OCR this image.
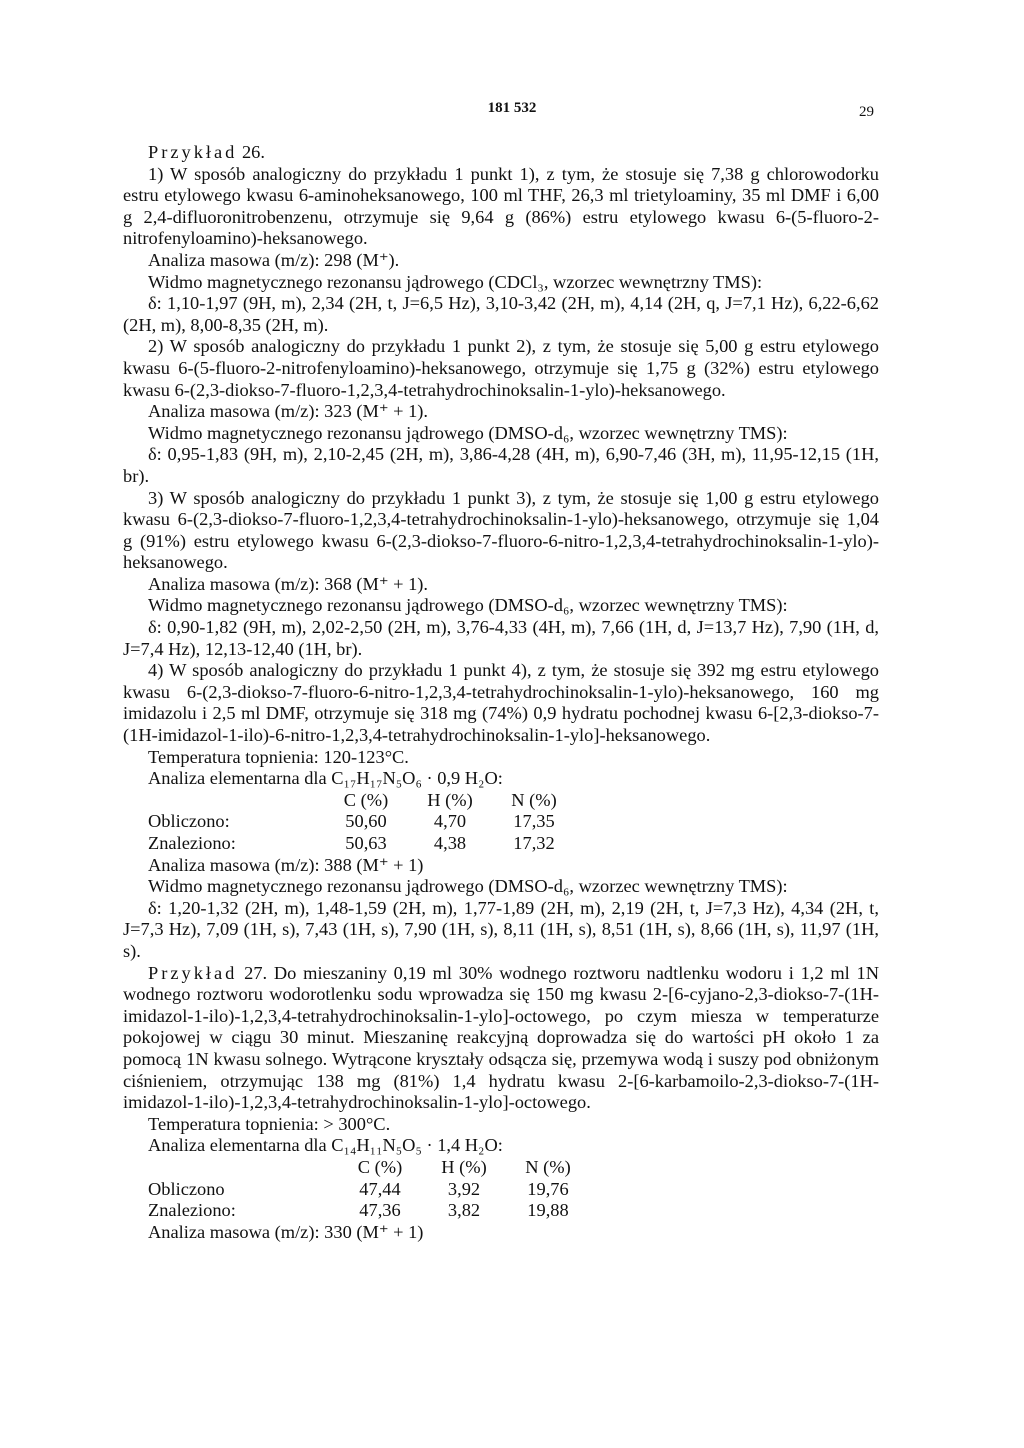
181 532	29

Przykład 26.

1) W sposób analogiczny do przykładu 1 punkt 1), z tym, że stosuje się 7,38 g chlorowodorku estru etylowego kwasu 6-aminoheksanowego, 100 ml THF, 26,3 ml trietyloaminy, 35 ml DMF i 6,00 g 2,4-difluoronitrobenzenu, otrzymuje się 9,64 g (86%) estru etylowego kwasu 6-(5-fluoro-2-nitrofenyloamino)-heksanowego.

Analiza masowa (m/z): 298 (M⁺).

Widmo magnetycznego rezonansu jądrowego (CDCl₃, wzorzec wewnętrzny TMS):

δ: 1,10-1,97 (9H, m), 2,34 (2H, t, J=6,5 Hz), 3,10-3,42 (2H, m), 4,14 (2H, q, J=7,1 Hz), 6,22-6,62 (2H, m), 8,00-8,35 (2H, m).

2) W sposób analogiczny do przykładu 1 punkt 2), z tym, że stosuje się 5,00 g estru etylowego kwasu 6-(5-fluoro-2-nitrofenyloamino)-heksanowego, otrzymuje się 1,75 g (32%) estru etylowego kwasu 6-(2,3-diokso-7-fluoro-1,2,3,4-tetrahydrochinoksalin-1-ylo)-heksanowego.

Analiza masowa (m/z): 323 (M⁺ + 1).

Widmo magnetycznego rezonansu jądrowego (DMSO-d₆, wzorzec wewnętrzny TMS):

δ: 0,95-1,83 (9H, m), 2,10-2,45 (2H, m), 3,86-4,28 (4H, m), 6,90-7,46 (3H, m), 11,95-12,15 (1H, br).

3) W sposób analogiczny do przykładu 1 punkt 3), z tym, że stosuje się 1,00 g estru etylowego kwasu 6-(2,3-diokso-7-fluoro-1,2,3,4-tetrahydrochinoksalin-1-ylo)-heksanowego, otrzymuje się 1,04 g (91%) estru etylowego kwasu 6-(2,3-diokso-7-fluoro-6-nitro-1,2,3,4-tetrahydrochinoksalin-1-ylo)-heksanowego.

Analiza masowa (m/z): 368 (M⁺ + 1).

Widmo magnetycznego rezonansu jądrowego (DMSO-d₆, wzorzec wewnętrzny TMS):

δ: 0,90-1,82 (9H, m), 2,02-2,50 (2H, m), 3,76-4,33 (4H, m), 7,66 (1H, d, J=13,7 Hz), 7,90 (1H, d, J=7,4 Hz), 12,13-12,40 (1H, br).

4) W sposób analogiczny do przykładu 1 punkt 4), z tym, że stosuje się 392 mg estru etylowego kwasu 6-(2,3-diokso-7-fluoro-6-nitro-1,2,3,4-tetrahydrochinoksalin-1-ylo)-heksanowego, 160 mg imidazolu i 2,5 ml DMF, otrzymuje się 318 mg (74%) 0,9 hydratu pochodnej kwasu 6-[2,3-diokso-7-(1H-imidazol-1-ilo)-6-nitro-1,2,3,4-tetrahydrochinoksalin-1-ylo]-heksanowego.

Temperatura topnienia: 120-123°C.

Analiza elementarna dla C₁₇H₁₇N₅O₆ · 0,9 H₂O:

	C (%)	H (%)	N (%)
Obliczono:	50,60	4,70	17,35
Znaleziono:	50,63	4,38	17,32

Analiza masowa (m/z): 388 (M⁺ + 1)

Widmo magnetycznego rezonansu jądrowego (DMSO-d₆, wzorzec wewnętrzny TMS):

δ: 1,20-1,32 (2H, m), 1,48-1,59 (2H, m), 1,77-1,89 (2H, m), 2,19 (2H, t, J=7,3 Hz), 4,34 (2H, t, J=7,3 Hz), 7,09 (1H, s), 7,43 (1H, s), 7,90 (1H, s), 8,11 (1H, s), 8,51 (1H, s), 8,66 (1H, s), 11,97 (1H, s).

Przykład 27. Do mieszaniny 0,19 ml 30% wodnego roztworu nadtlenku wodoru i 1,2 ml 1N wodnego roztworu wodorotlenku sodu wprowadza się 150 mg kwasu 2-[6-cyjano-2,3-diokso-7-(1H-imidazol-1-ilo)-1,2,3,4-tetrahydrochinoksalin-1-ylo]-octowego, po czym miesza w temperaturze pokojowej w ciągu 30 minut. Mieszaninę reakcyjną doprowadza się do wartości pH około 1 za pomocą 1N kwasu solnego. Wytrącone kryształy odsącza się, przemywa wodą i suszy pod obniżonym ciśnieniem, otrzymując 138 mg (81%) 1,4 hydratu kwasu 2-[6-karbamoilo-2,3-diokso-7-(1H-imidazol-1-ilo)-1,2,3,4-tetrahydrochinoksalin-1-ylo]-octowego.

Temperatura topnienia: > 300°C.

Analiza elementarna dla C₁₄H₁₁N₅O₅ · 1,4 H₂O:

	C (%)	H (%)	N (%)
Obliczono	47,44	3,92	19,76
Znaleziono:	47,36	3,82	19,88

Analiza masowa (m/z): 330 (M⁺ + 1)
